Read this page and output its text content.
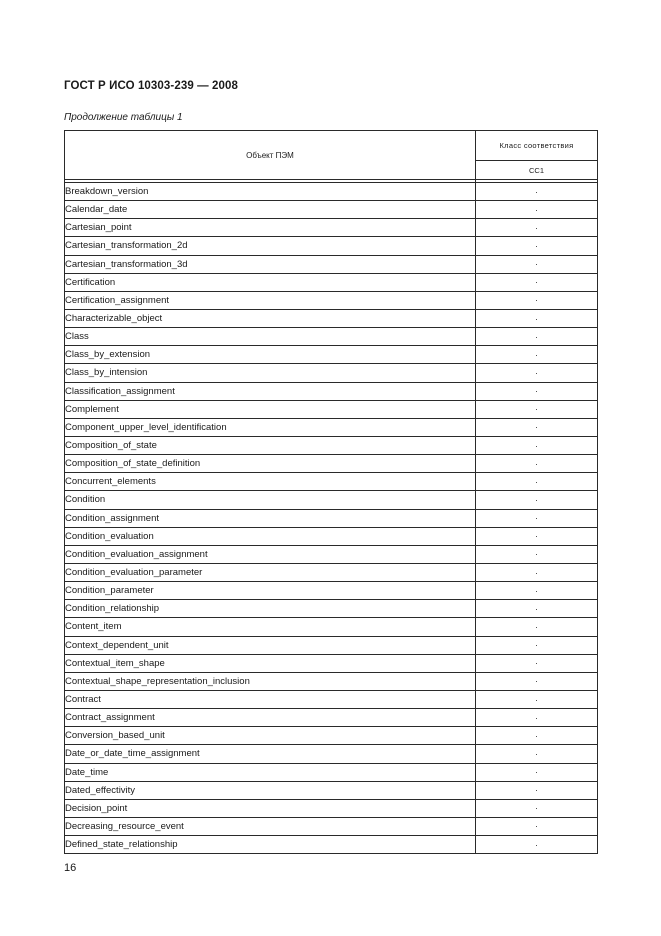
ГОСТ Р ИСО 10303-239 — 2008
Продолжение таблицы 1
Объект ПЭМ	Класс соответствия
	CC1

Breakdown_version	·
Calendar_date	·
Cartesian_point	·
Cartesian_transformation_2d	·
Cartesian_transformation_3d	·
Certification	·
Certification_assignment	·
Characterizable_object	·
Class	·
Class_by_extension	·
Class_by_intension	·
Classification_assignment	·
Complement	·
Component_upper_level_identification	·
Composition_of_state	·
Composition_of_state_definition	·
Concurrent_elements	·
Condition	·
Condition_assignment	·
Condition_evaluation	·
Condition_evaluation_assignment	·
Condition_evaluation_parameter	·
Condition_parameter	·
Condition_relationship	·
Content_item	·
Context_dependent_unit	·
Contextual_item_shape	·
Contextual_shape_representation_inclusion	·
Contract	·
Contract_assignment	·
Conversion_based_unit	·
Date_or_date_time_assignment	·
Date_time	·
Dated_effectivity	·
Decision_point	·
Decreasing_resource_event	·
Defined_state_relationship	·
16
